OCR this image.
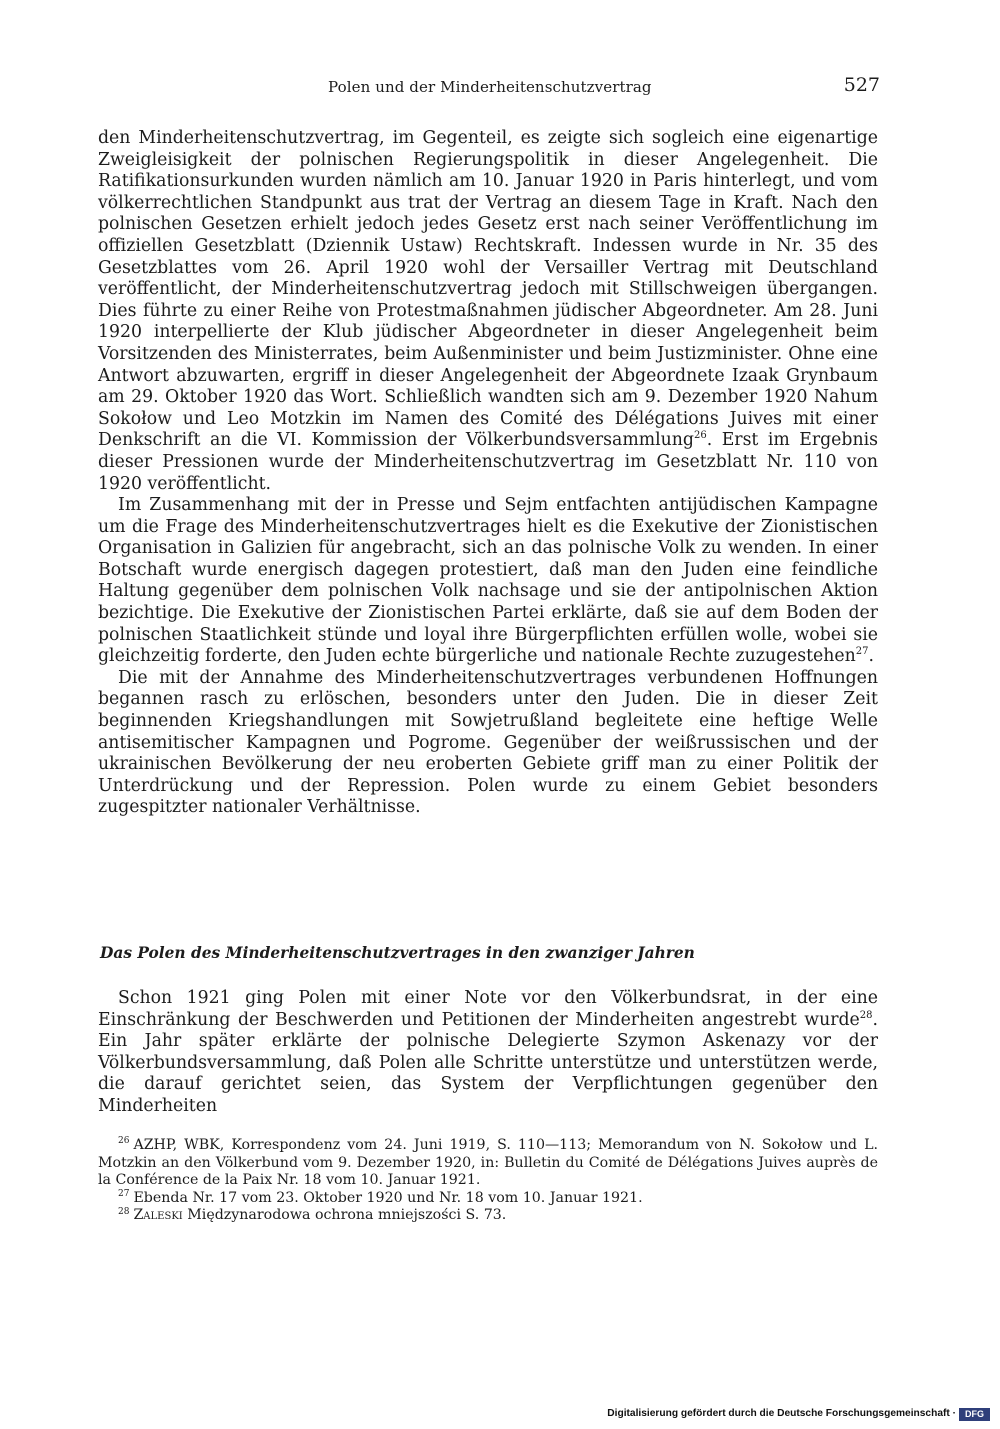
Polen und der Minderheitenschutzvertrag	527

den Minderheitenschutzvertrag, im Gegenteil, es zeigte sich sogleich eine eigenartige Zweigleisigkeit der polnischen Regierungspolitik in dieser Angelegenheit. Die Ratifikationsurkunden wurden nämlich am 10. Januar 1920 in Paris hinterlegt, und vom völkerrechtlichen Standpunkt aus trat der Vertrag an diesem Tage in Kraft. Nach den polnischen Gesetzen erhielt jedoch jedes Gesetz erst nach seiner Veröffentlichung im offiziellen Gesetzblatt (Dziennik Ustaw) Rechtskraft. Indessen wurde in Nr. 35 des Gesetzblattes vom 26. April 1920 wohl der Versailler Vertrag mit Deutschland veröffentlicht, der Minderheitenschutzvertrag jedoch mit Stillschweigen übergangen. Dies führte zu einer Reihe von Protestmaßnahmen jüdischer Abgeordneter. Am 28. Juni 1920 interpellierte der Klub jüdischer Abgeordneter in dieser Angelegenheit beim Vorsitzenden des Ministerrates, beim Außenminister und beim Justizminister. Ohne eine Antwort abzuwarten, ergriff in dieser Angelegenheit der Abgeordnete Izaak Grynbaum am 29. Oktober 1920 das Wort. Schließlich wandten sich am 9. Dezember 1920 Nahum Sokołow und Leo Motzkin im Namen des Comité des Délégations Juives mit einer Denkschrift an die VI. Kommission der Völkerbundsversammlung$^{26}$. Erst im Ergebnis dieser Pressionen wurde der Minderheitenschutzvertrag im Gesetzblatt Nr. 110 von 1920 veröffentlicht.

Im Zusammenhang mit der in Presse und Sejm entfachten antijüdischen Kampagne um die Frage des Minderheitenschutzvertrages hielt es die Exekutive der Zionistischen Organisation in Galizien für angebracht, sich an das polnische Volk zu wenden. In einer Botschaft wurde energisch dagegen protestiert, daß man den Juden eine feindliche Haltung gegenüber dem polnischen Volk nachsage und sie der antipolnischen Aktion bezichtige. Die Exekutive der Zionistischen Partei erklärte, daß sie auf dem Boden der polnischen Staatlichkeit stünde und loyal ihre Bürgerpflichten erfüllen wolle, wobei sie gleichzeitig forderte, den Juden echte bürgerliche und nationale Rechte zuzugestehen$^{27}$.

Die mit der Annahme des Minderheitenschutzvertrages verbundenen Hoffnungen begannen rasch zu erlöschen, besonders unter den Juden. Die in dieser Zeit beginnenden Kriegshandlungen mit Sowjetrußland begleitete eine heftige Welle antisemitischer Kampagnen und Pogrome. Gegenüber der weißrussischen und der ukrainischen Bevölkerung der neu eroberten Gebiete griff man zu einer Politik der Unterdrückung und der Repression. Polen wurde zu einem Gebiet besonders zugespitzter nationaler Verhältnisse.

Das Polen des Minderheitenschutzvertrages in den zwanziger Jahren

Schon 1921 ging Polen mit einer Note vor den Völkerbundsrat, in der eine Einschränkung der Beschwerden und Petitionen der Minderheiten angestrebt wurde$^{28}$. Ein Jahr später erklärte der polnische Delegierte Szymon Askenazy vor der Völkerbundsversammlung, daß Polen alle Schritte unterstütze und unterstützen werde, die darauf gerichtet seien, das System der Verpflichtungen gegenüber den Minderheiten

$^{26}$ AZHP, WBK, Korrespondenz vom 24. Juni 1919, S. 110—113; Memorandum von N. Sokołow und L. Motzkin an den Völkerbund vom 9. Dezember 1920, in: Bulletin du Comité de Délégations Juives auprès de la Conférence de la Paix Nr. 18 vom 10. Januar 1921.

$^{27}$ Ebenda Nr. 17 vom 23. Oktober 1920 und Nr. 18 vom 10. Januar 1921.

$^{28}$ Zaleski Międzynarodowa ochrona mniejszości S. 73.

Digitalisierung gefördert durch die Deutsche Forschungsgemeinschaft ·	DFG
